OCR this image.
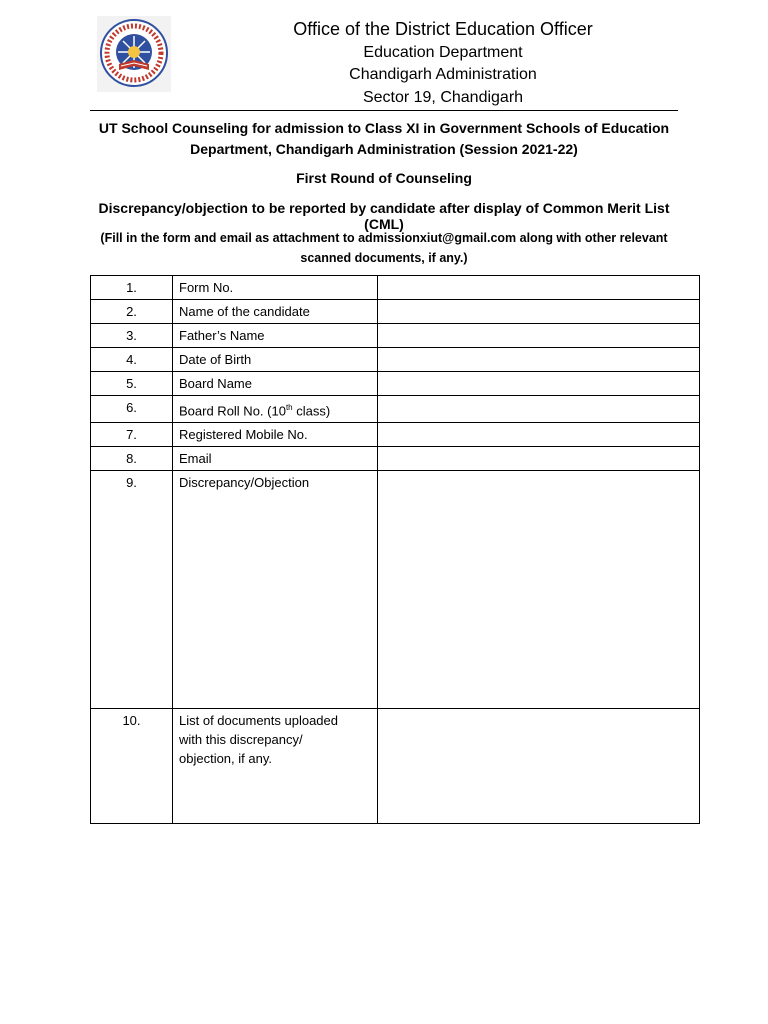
Office of the District Education Officer

Education Department

Chandigarh Administration

Sector 19, Chandigarh

UT School Counseling for admission to Class XI in Government Schools of Education
Department, Chandigarh Administration (Session 2021-22)

First Round of Counseling

Discrepancy/objection to be reported by candidate after display of Common Merit List (CML)

(Fill in the form and email as attachment to admissionxiut@gmail.com along with other relevant
scanned documents, if any.)

1.	Form No.	
2.	Name of the candidate	
3.	Father’s Name	
4.	Date of Birth	
5.	Board Name	
6.	Board Roll No. (10th class)	
7.	Registered Mobile No.	
8.	Email	
9.	Discrepancy/Objection	
10.	List of documents uploaded
with this discrepancy/
objection, if any.	
